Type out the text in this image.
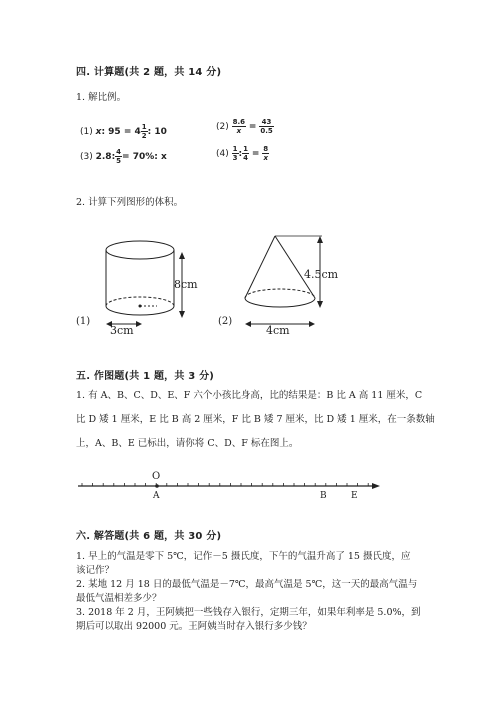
四. 计算题(共 2 题，共 14 分)
1. 解比例。
(1) x: $95 = 4 \frac{1}{2}$ : 10	$(2) \frac{8.6}{x} = \frac{43}{0.5}$
(3) 2.8: $\frac{4}{5} = 70\%$: x	$(4) \frac{1}{3}$ : $\frac{1}{4} = \frac{8}{x}$
2. 计算下列图形的体积。
8cm
3cm
(1)
4.5cm
4cm
(2)
五. 作图题(共 1 题，共 3 分)
1. 有 A、B、C、D、E、F 六个小孩比身高，比的结果是：B 比 A 高 11 厘米，C
比 D 矮 1 厘米，E 比 B 高 2 厘米，F 比 B 矮 7 厘米，比 D 矮 1 厘米，在一条数轴
上，A、B、E 已标出，请你将 C、D、F 标在图上。
O
A	B	E
六. 解答题(共 6 题，共 30 分)
1. 早上的气温是零下 5℃，记作－5 摄氏度，下午的气温升高了 15 摄氏度，应
该记作？
2. 某地 12 月 18 日的最低气温是－7℃，最高气温是 5℃，这一天的最高气温与
最低气温相差多少？
3. 2018 年 2 月，王阿姨把一些钱存入银行，定期三年，如果年利率是 5.0%，到
期后可以取出 92000 元。王阿姨当时存入银行多少钱？
